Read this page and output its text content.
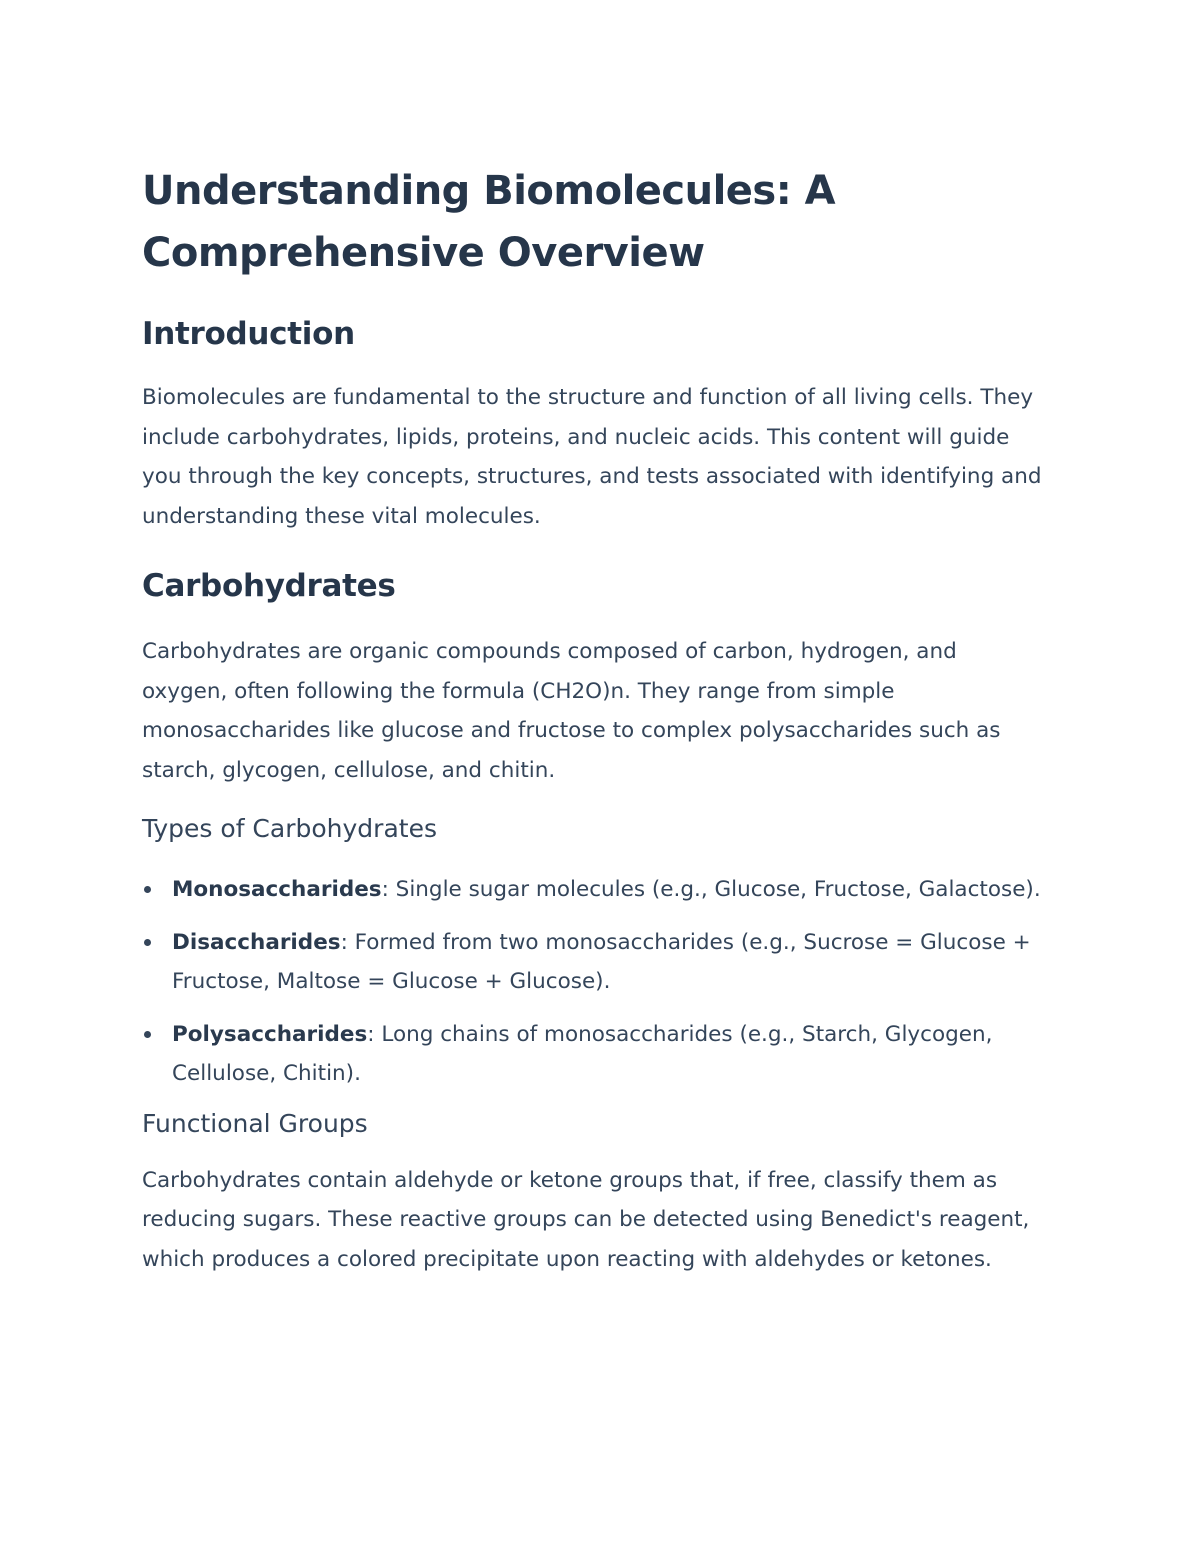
Understanding Biomolecules: A Comprehensive Overview
Introduction

Biomolecules are fundamental to the structure and function of all living cells. They include carbohydrates, lipids, proteins, and nucleic acids. This content will guide you through the key concepts, structures, and tests associated with identifying and understanding these vital molecules.

Carbohydrates

Carbohydrates are organic compounds composed of carbon, hydrogen, and oxygen, often following the formula (CH2O)n. They range from simple monosaccharides like glucose and fructose to complex polysaccharides such as starch, glycogen, cellulose, and chitin.

Types of Carbohydrates
Monosaccharides: Single sugar molecules (e.g., Glucose, Fructose, Galactose).
Disaccharides: Formed from two monosaccharides (e.g., Sucrose = Glucose + Fructose, Maltose = Glucose + Glucose).
Polysaccharides: Long chains of monosaccharides (e.g., Starch, Glycogen, Cellulose, Chitin).
Functional Groups

Carbohydrates contain aldehyde or ketone groups that, if free, classify them as reducing sugars. These reactive groups can be detected using Benedict's reagent, which produces a colored precipitate upon reacting with aldehydes or ketones.
